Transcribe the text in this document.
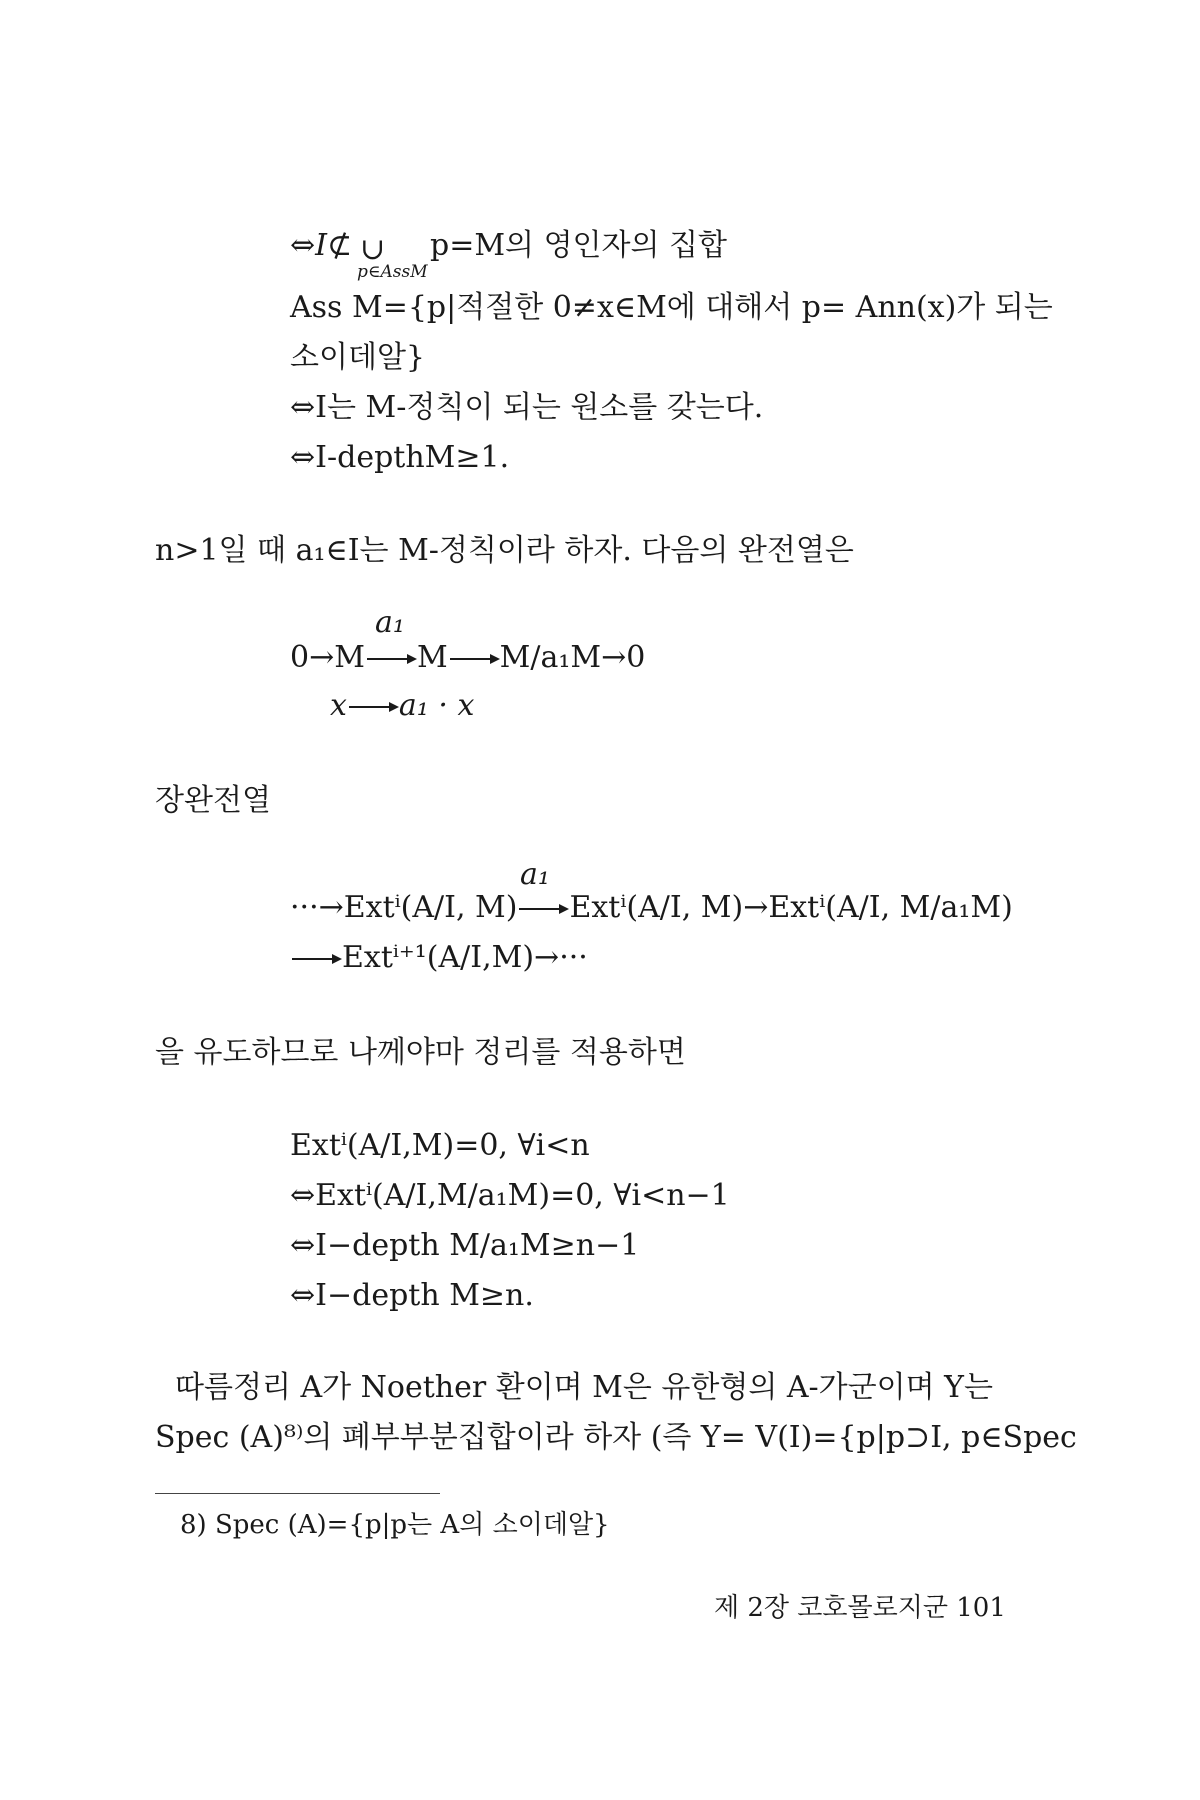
⇔I⊄ ∪
p∈AssM
p=M의 영인자의 집합
Ass M={p|적절한 0≠x∈M에 대해서 p= Ann(x)가 되는
소이데알}
⇔I는 M-정칙이 되는 원소를 갖는다.
⇔I-depthM≥1.
n>1일 때 a₁∈I는 M-정칙이라 하자. 다음의 완전열은
a₁
0→M M M/a₁M→0
x a₁ · x
장완전열
a₁
···→Extⁱ(A/I, M) Extⁱ(A/I, M)→Extⁱ(A/I, M/a₁M)
Extⁱ⁺¹(A/I,M)→···
을 유도하므로 나께야마 정리를 적용하면
Extⁱ(A/I,M)=0, ∀i<n
⇔Extⁱ(A/I,M/a₁M)=0, ∀i<n−1
⇔I−depth M/a₁M≥n−1
⇔I−depth M≥n.
따름정리 A가 Noether 환이며 M은 유한형의 A-가군이며 Y는
Spec (A)⁸⁾의 폐부부분집합이라 하자 (즉 Y= V(I)={p|p⊃I, p∈Spec
8) Spec (A)={p|p는 A의 소이데알}
제 2장 코호몰로지군 101
